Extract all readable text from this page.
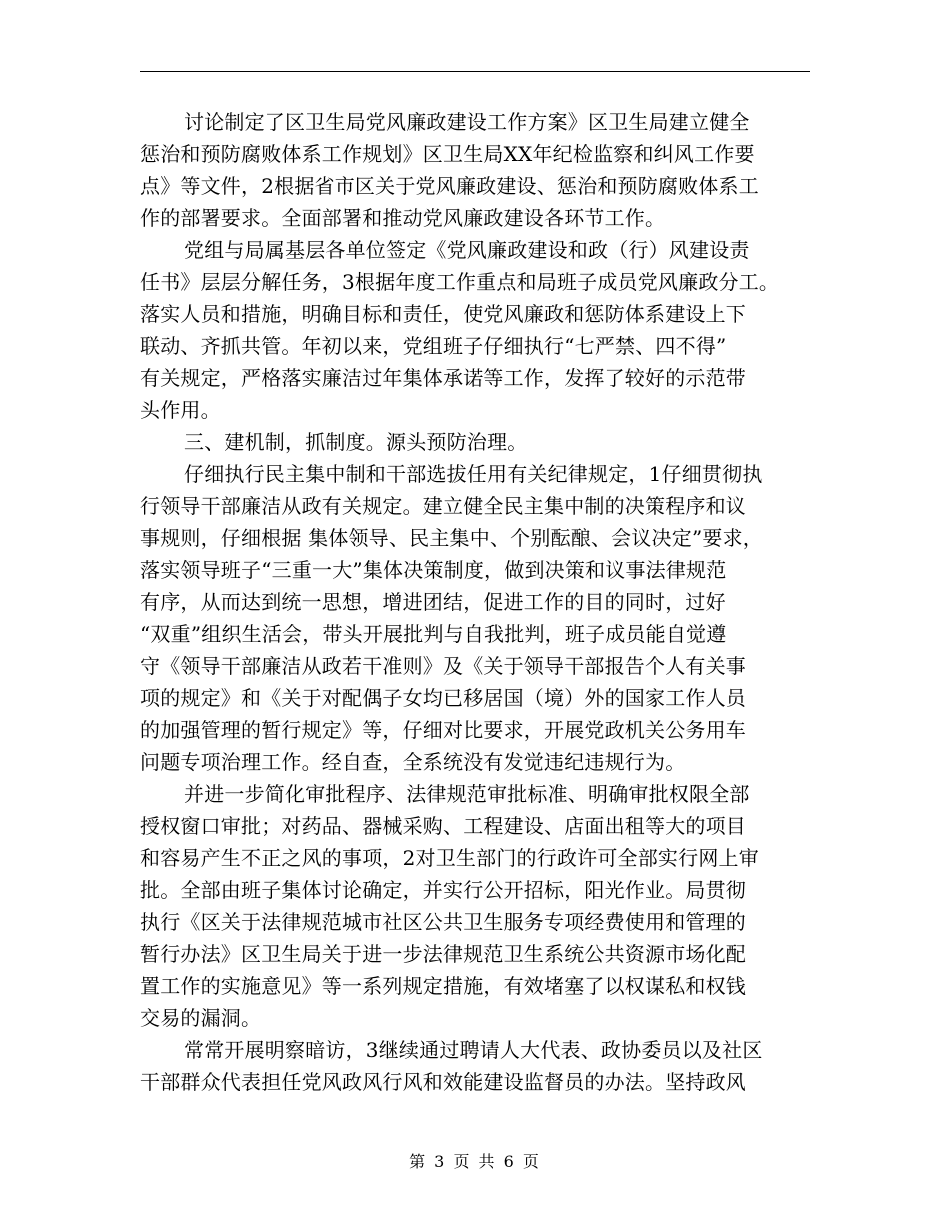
讨论制定了区卫生局党风廉政建设工作方案》区卫生局建立健全
惩治和预防腐败体系工作规划》区卫生局XX年纪检监察和纠风工作要
点》等文件，2根据省市区关于党风廉政建设、惩治和预防腐败体系工
作的部署要求。全面部署和推动党风廉政建设各环节工作。
党组与局属基层各单位签定《党风廉政建设和政（行）风建设责
任书》层层分解任务，3根据年度工作重点和局班子成员党风廉政分工。
落实人员和措施，明确目标和责任，使党风廉政和惩防体系建设上下
联动、齐抓共管。年初以来，党组班子仔细执行“七严禁、四不得”
有关规定，严格落实廉洁过年集体承诺等工作，发挥了较好的示范带
头作用。
三、建机制，抓制度。源头预防治理。
仔细执行民主集中制和干部选拔任用有关纪律规定，1仔细贯彻执
行领导干部廉洁从政有关规定。建立健全民主集中制的决策程序和议
事规则，仔细根据 集体领导、民主集中、个别酝酿、会议决定”要求，
落实领导班子“三重一大”集体决策制度，做到决策和议事法律规范
有序，从而达到统一思想，增进团结，促进工作的目的同时，过好
“双重”组织生活会，带头开展批判与自我批判，班子成员能自觉遵
守《领导干部廉洁从政若干准则》及《关于领导干部报告个人有关事
项的规定》和《关于对配偶子女均已移居国（境）外的国家工作人员
的加强管理的暂行规定》等，仔细对比要求，开展党政机关公务用车
问题专项治理工作。经自查，全系统没有发觉违纪违规行为。
并进一步简化审批程序、法律规范审批标准、明确审批权限全部
授权窗口审批；对药品、器械采购、工程建设、店面出租等大的项目
和容易产生不正之风的事项，2对卫生部门的行政许可全部实行网上审
批。全部由班子集体讨论确定，并实行公开招标，阳光作业。局贯彻
执行《区关于法律规范城市社区公共卫生服务专项经费使用和管理的
暂行办法》区卫生局关于进一步法律规范卫生系统公共资源市场化配
置工作的实施意见》等一系列规定措施，有效堵塞了以权谋私和权钱
交易的漏洞。
常常开展明察暗访，3继续通过聘请人大代表、政协委员以及社区
干部群众代表担任党风政风行风和效能建设监督员的办法。坚持政风
第 3 页 共 6 页
